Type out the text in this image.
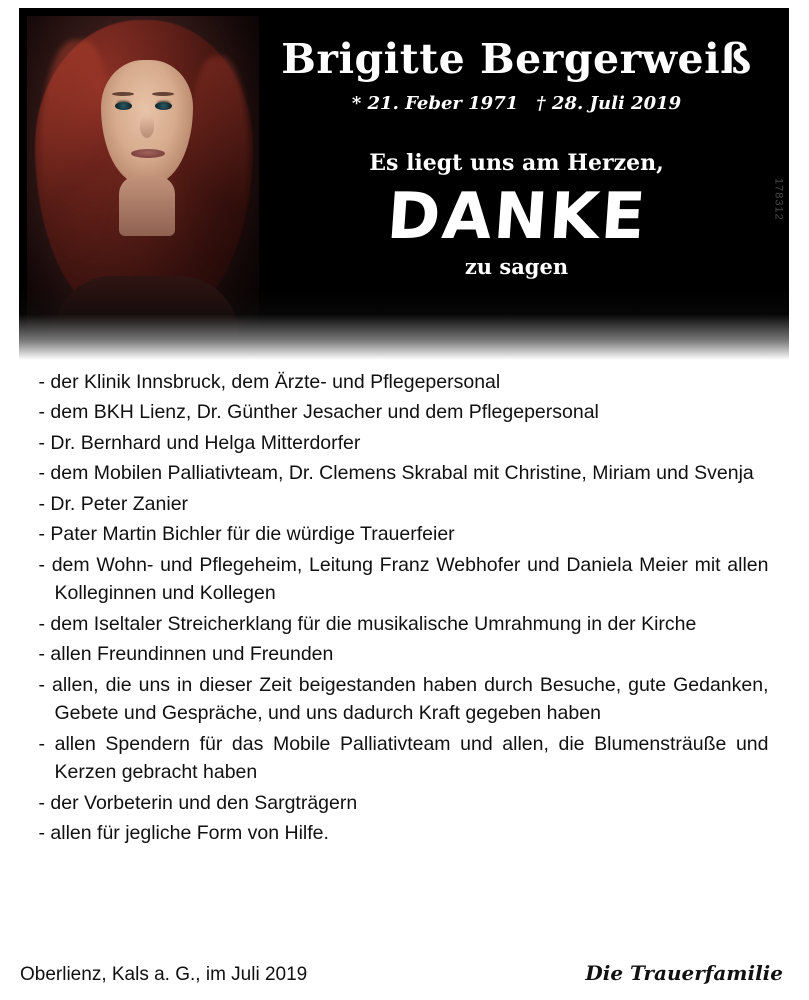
Brigitte Bergerweiß
* 21. Feber 1971 † 28. Juli 2019
Es liegt uns am Herzen,
DANKE
zu sagen
178312
- der Klinik Innsbruck, dem Ärzte- und Pflegepersonal
- dem BKH Lienz, Dr. Günther Jesacher und dem Pflegepersonal
- Dr. Bernhard und Helga Mitterdorfer
- dem Mobilen Palliativteam, Dr. Clemens Skrabal mit Christine, Miriam und Svenja
- Dr. Peter Zanier
- Pater Martin Bichler für die würdige Trauerfeier
- dem Wohn- und Pflegeheim, Leitung Franz Webhofer und Daniela Meier mit allen Kolleginnen und Kollegen
- dem Iseltaler Streicherklang für die musikalische Umrahmung in der Kirche
- allen Freundinnen und Freunden
- allen, die uns in dieser Zeit beigestanden haben durch Besuche, gute Gedanken, Gebete und Gespräche, und uns dadurch Kraft gegeben haben
- allen Spendern für das Mobile Palliativteam und allen, die Blumensträuße und Kerzen gebracht haben
- der Vorbeterin und den Sargträgern
- allen für jegliche Form von Hilfe.
Oberlienz, Kals a. G., im Juli 2019	Die Trauerfamilie
